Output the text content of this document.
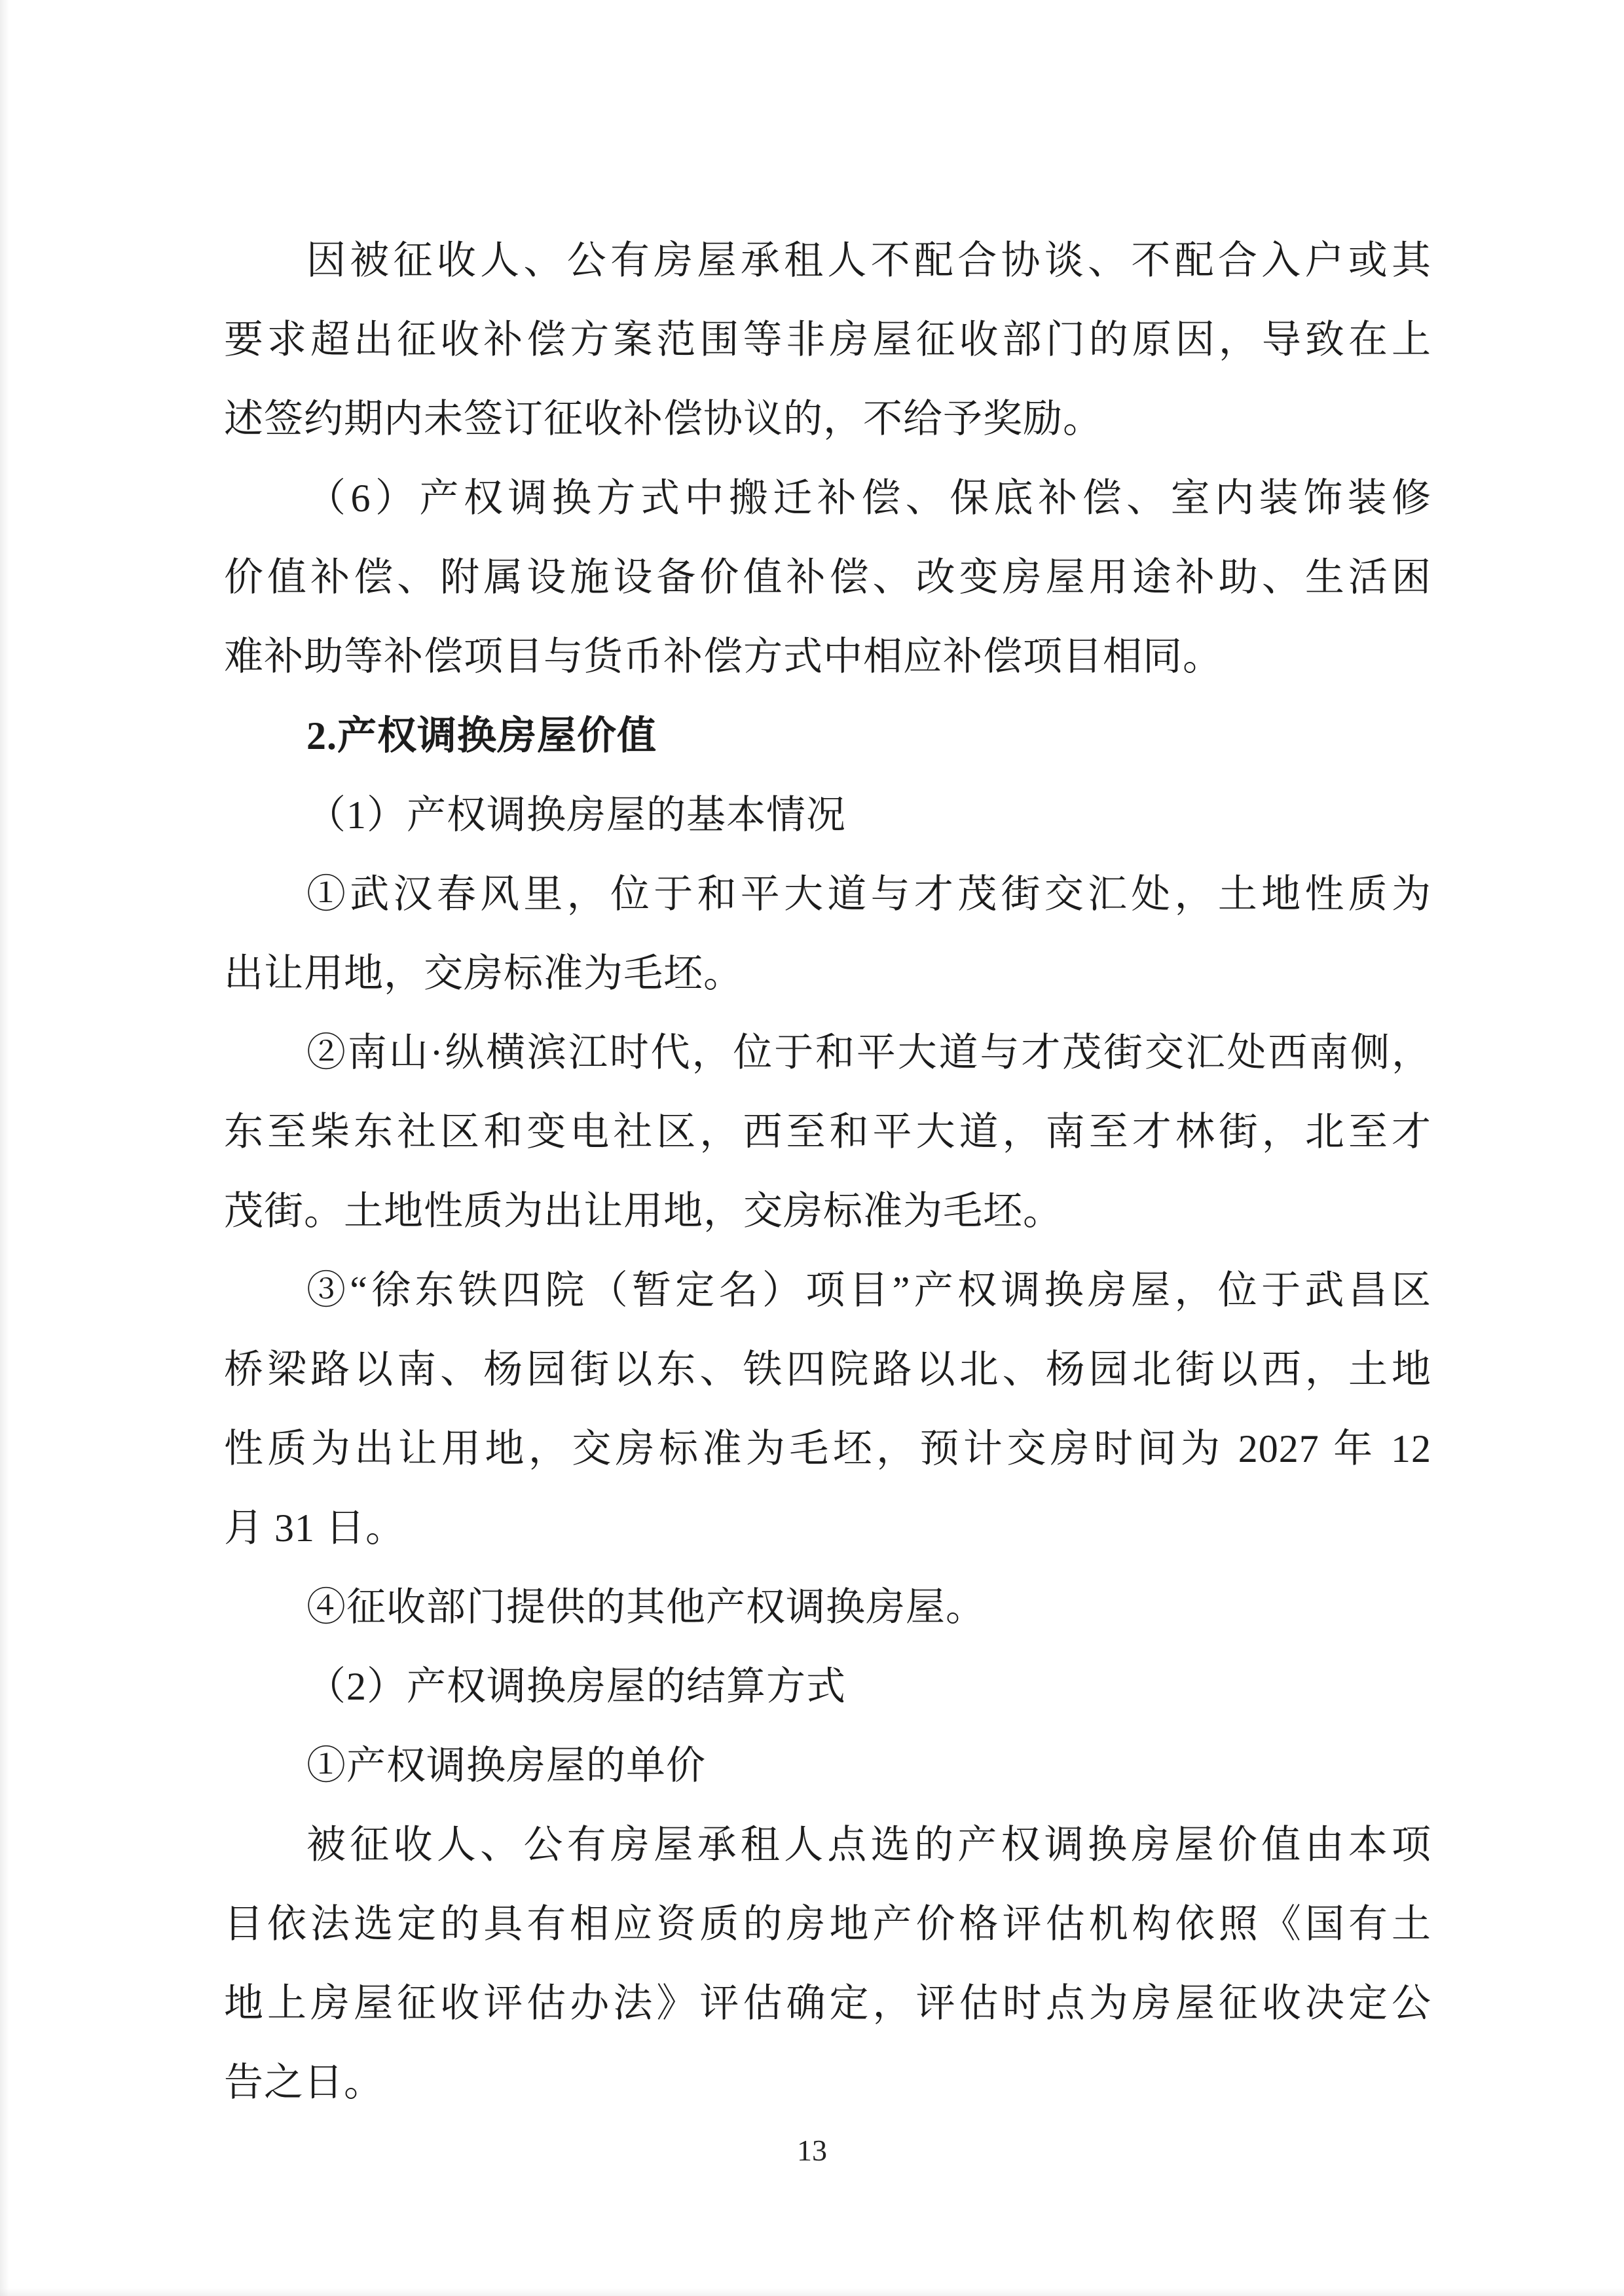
因被征收人、公有房屋承租人不配合协谈、不配合入户或其
要求超出征收补偿方案范围等非房屋征收部门的原因，导致在上
述签约期内未签订征收补偿协议的，不给予奖励。
（6）产权调换方式中搬迁补偿、保底补偿、室内装饰装修
价值补偿、附属设施设备价值补偿、改变房屋用途补助、生活困
难补助等补偿项目与货币补偿方式中相应补偿项目相同。
2.产权调换房屋价值
（1）产权调换房屋的基本情况
①武汉春风里，位于和平大道与才茂街交汇处，土地性质为
出让用地，交房标准为毛坯。
②南山·纵横滨江时代，位于和平大道与才茂街交汇处西南侧，
东至柴东社区和变电社区，西至和平大道，南至才林街，北至才
茂街。土地性质为出让用地，交房标准为毛坯。
③“徐东铁四院（暂定名）项目”产权调换房屋，位于武昌区
桥梁路以南、杨园街以东、铁四院路以北、杨园北街以西，土地
性质为出让用地，交房标准为毛坯，预计交房时间为 2027 年 12
月 31 日。
④征收部门提供的其他产权调换房屋。
（2）产权调换房屋的结算方式
①产权调换房屋的单价
被征收人、公有房屋承租人点选的产权调换房屋价值由本项
目依法选定的具有相应资质的房地产价格评估机构依照《国有土
地上房屋征收评估办法》评估确定，评估时点为房屋征收决定公
告之日。
13
